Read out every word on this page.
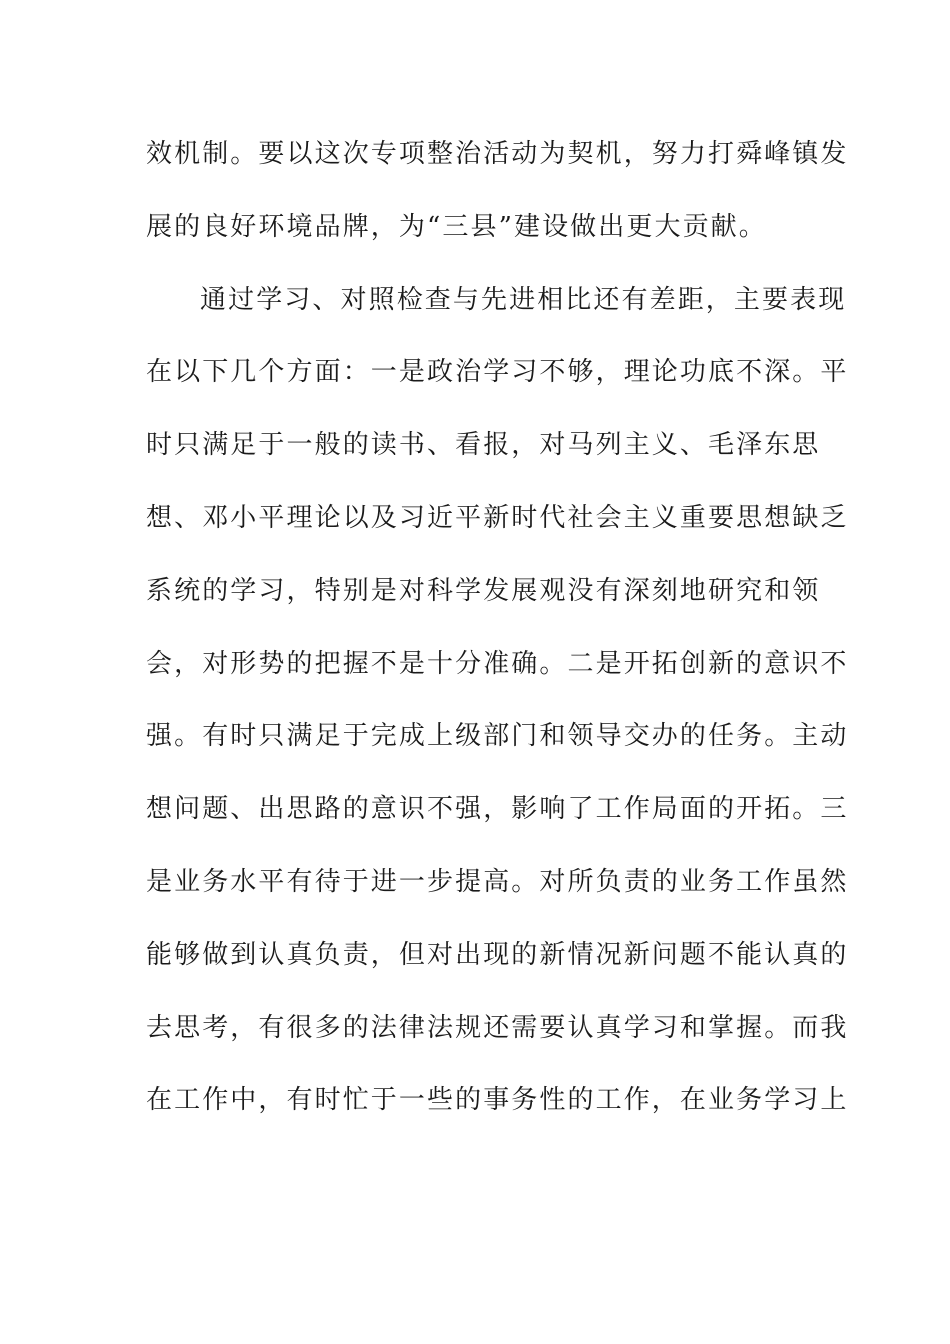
效机制。要以这次专项整治活动为契机，努力打舜峰镇发
展的良好环境品牌，为“三县”建设做出更大贡献。
通过学习、对照检查与先进相比还有差距，主要表现
在以下几个方面：一是政治学习不够，理论功底不深。平
时只满足于一般的读书、看报，对马列主义、毛泽东思
想、邓小平理论以及习近平新时代社会主义重要思想缺乏
系统的学习，特别是对科学发展观没有深刻地研究和领
会，对形势的把握不是十分准确。二是开拓创新的意识不
强。有时只满足于完成上级部门和领导交办的任务。主动
想问题、出思路的意识不强，影响了工作局面的开拓。三
是业务水平有待于进一步提高。对所负责的业务工作虽然
能够做到认真负责，但对出现的新情况新问题不能认真的
去思考，有很多的法律法规还需要认真学习和掌握。而我
在工作中，有时忙于一些的事务性的工作，在业务学习上
